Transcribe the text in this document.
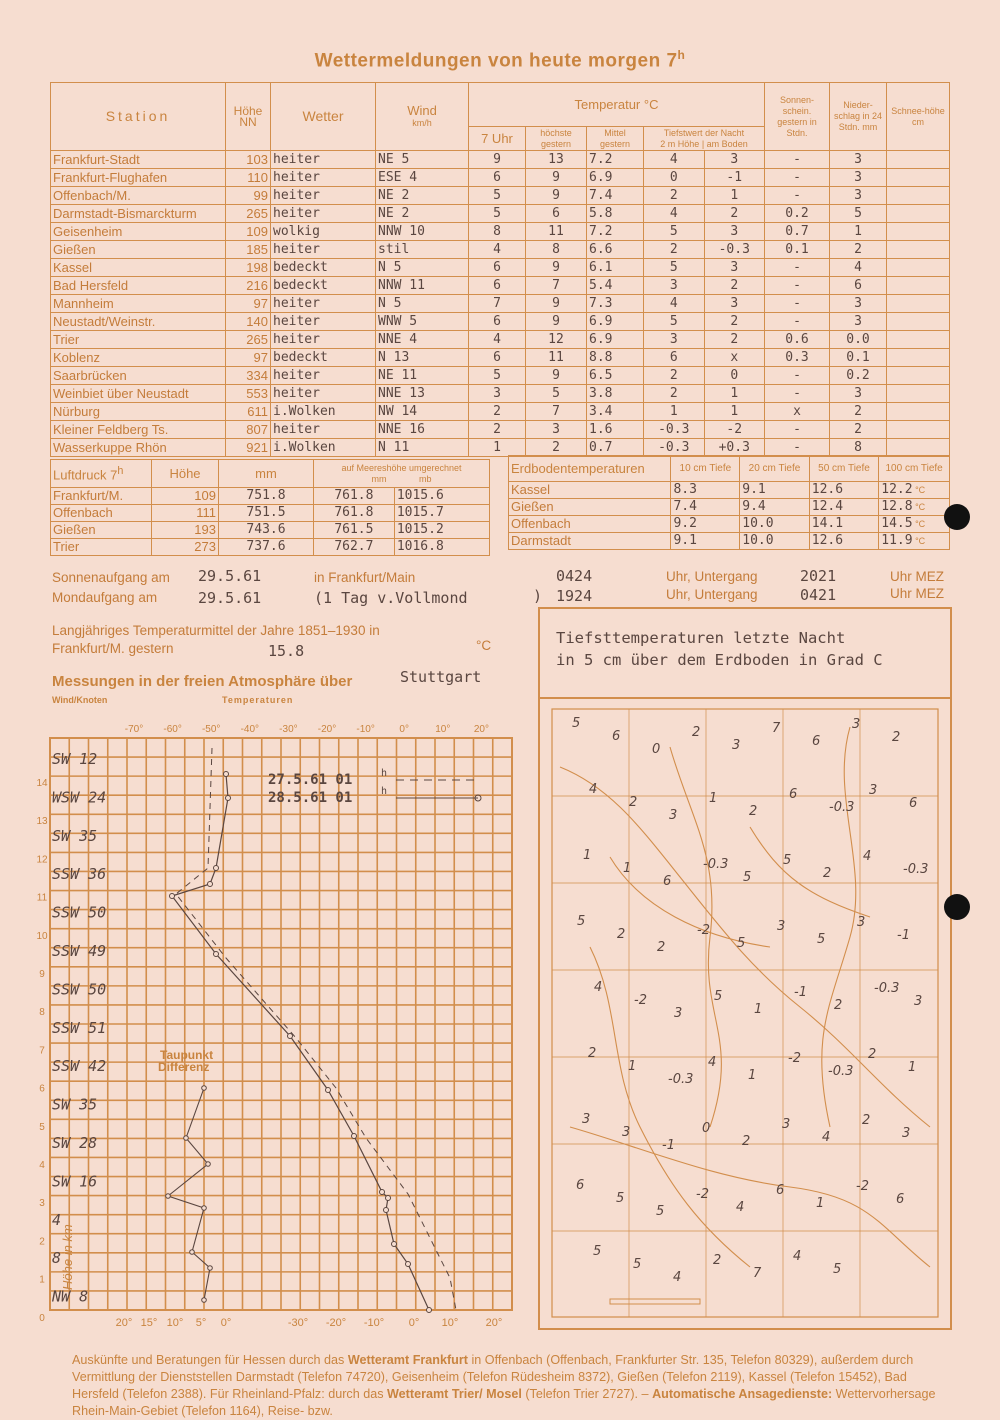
Wettermeldungen von heute morgen 7$^h$
Station	Höhe NN	Wetter	Wind
km/h	Temperatur °C					Sonnen-schein. gestern in Stdn.	Nieder-schlag in 24 Stdn. mm	Schnee-höhe cm
				7 Uhr	höchste gestern	Mittel gestern	Tiefstwert der Nacht
2 m Höhe | am Boden				
Frankfurt-Stadt	103	heiter	NE 5	9	13	7.2	4	3	-	3	
Frankfurt-Flughafen	110	heiter	ESE 4	6	9	6.9	0	-1	-	3	
Offenbach/M.	99	heiter	NE 2	5	9	7.4	2	1	-	3	
Darmstadt-Bismarckturm	265	heiter	NE 2	5	6	5.8	4	2	0.2	5	
Geisenheim	109	wolkig	NNW 10	8	11	7.2	5	3	0.7	1	
Gießen	185	heiter	stil	4	8	6.6	2	-0.3	0.1	2	
Kassel	198	bedeckt	N 5	6	9	6.1	5	3	-	4	
Bad Hersfeld	216	bedeckt	NNW 11	6	7	5.4	3	2	-	6	
Mannheim	97	heiter	N 5	7	9	7.3	4	3	-	3	
Neustadt/Weinstr.	140	heiter	WNW 5	6	9	6.9	5	2	-	3	
Trier	265	heiter	NNE 4	4	12	6.9	3	2	0.6	0.0	
Koblenz	97	bedeckt	N 13	6	11	8.8	6	x	0.3	0.1	
Saarbrücken	334	heiter	NE 11	5	9	6.5	2	0	-	0.2	
Weinbiet über Neustadt	553	heiter	NNE 13	3	5	3.8	2	1	-	3	
Nürburg	611	i.Wolken	NW 14	2	7	3.4	1	1	x	2	
Kleiner Feldberg Ts.	807	heiter	NNE 16	2	3	1.6	-0.3	-2	-	2	
Wasserkuppe Rhön	921	i.Wolken	N 11	1	2	0.7	-0.3	+0.3	-	8	
Luftdruck 7$^h$	Höhe	mm	auf Meereshöhe umgerechnet
mm mb	
Frankfurt/M.	109	751.8	761.8	1015.6
Offenbach	111	751.5	761.8	1015.7
Gießen	193	743.6	761.5	1015.2
Trier	273	737.6	762.7	1016.8
Erdbodentemperaturen	10 cm Tiefe	20 cm Tiefe	50 cm Tiefe	100 cm Tiefe
Kassel	8.3	9.1	12.6	12.2 °C
Gießen	7.4	9.4	12.4	12.8 °C
Offenbach	9.2	10.0	14.1	14.5 °C
Darmstadt	9.1	10.0	12.6	11.9 °C
Sonnenaufgang am 29.5.61	in Frankfurt/Main	0424	Uhr, Untergang	2021	Uhr MEZ
Mondaufgang am	29.5.61	(1 Tag v.Vollmond	) 1924	Uhr, Untergang	0421	Uhr MEZ
Langjähriges Temperaturmittel der Jahre 1851–1930 in
Frankfurt/M. gestern	15.8	°C
Messungen in der freien Atmosphäre über	Stuttgart
Wind/Knoten	Temperaturen
-70° -60° -50° -40° -30° -20° -10° 0°	10° 20°
20° 15° 10° 5° 0°	-30° -20° -10° 0° 10° 20°
14
13
12
11
10
9
8
7
6
5
4
3
2
1
0
SW 12
WSW 24
SW 35
SSW 36
SSW 50
SSW 49
SSW 50
SSW 51
SSW 42
SW 35
SW 28
SW 16
4
8
NW 8
27.5.61 01	h
28.5.61 01	h
Taupunkt
Differenz
Höhe in km
Tiefsttemperaturen letzte Nacht
in 5 cm über dem Erdboden in Grad C
5
6
0
2
3
7
6
3
2
4
2
3
1
2
6
-0.3
3
6
1
1
6
-0.3
5
5
2
4
-0.3
5
2
2
-2
5
3
5
3
-1
4
-2
3
5
1
-1
2
-0.3
3
2
1
-0.3
4
1
-2
-0.3
2
1
3
3
-1
0
2
3
4
2
3
6
5
5
-2
4
6
1
-2
6
5
5
4
2
7
4
5
Auskünfte und Beratungen für Hessen durch das Wetteramt Frankfurt in Offenbach (Offenbach, Frankfurter Str. 135, Telefon 80329), außerdem durch Vermittlung der Dienststellen Darmstadt (Telefon 74720), Geisenheim (Telefon Rüdesheim 8372), Gießen (Telefon 2119), Kassel (Telefon 15452), Bad Hersfeld (Telefon 2388). Für Rheinland-Pfalz: durch das Wetteramt Trier/ Mosel (Telefon Trier 2727). – Automatische Ansagedienste: Wettervorhersage Rhein-Main-Gebiet (Telefon 1164), Reise- bzw.
